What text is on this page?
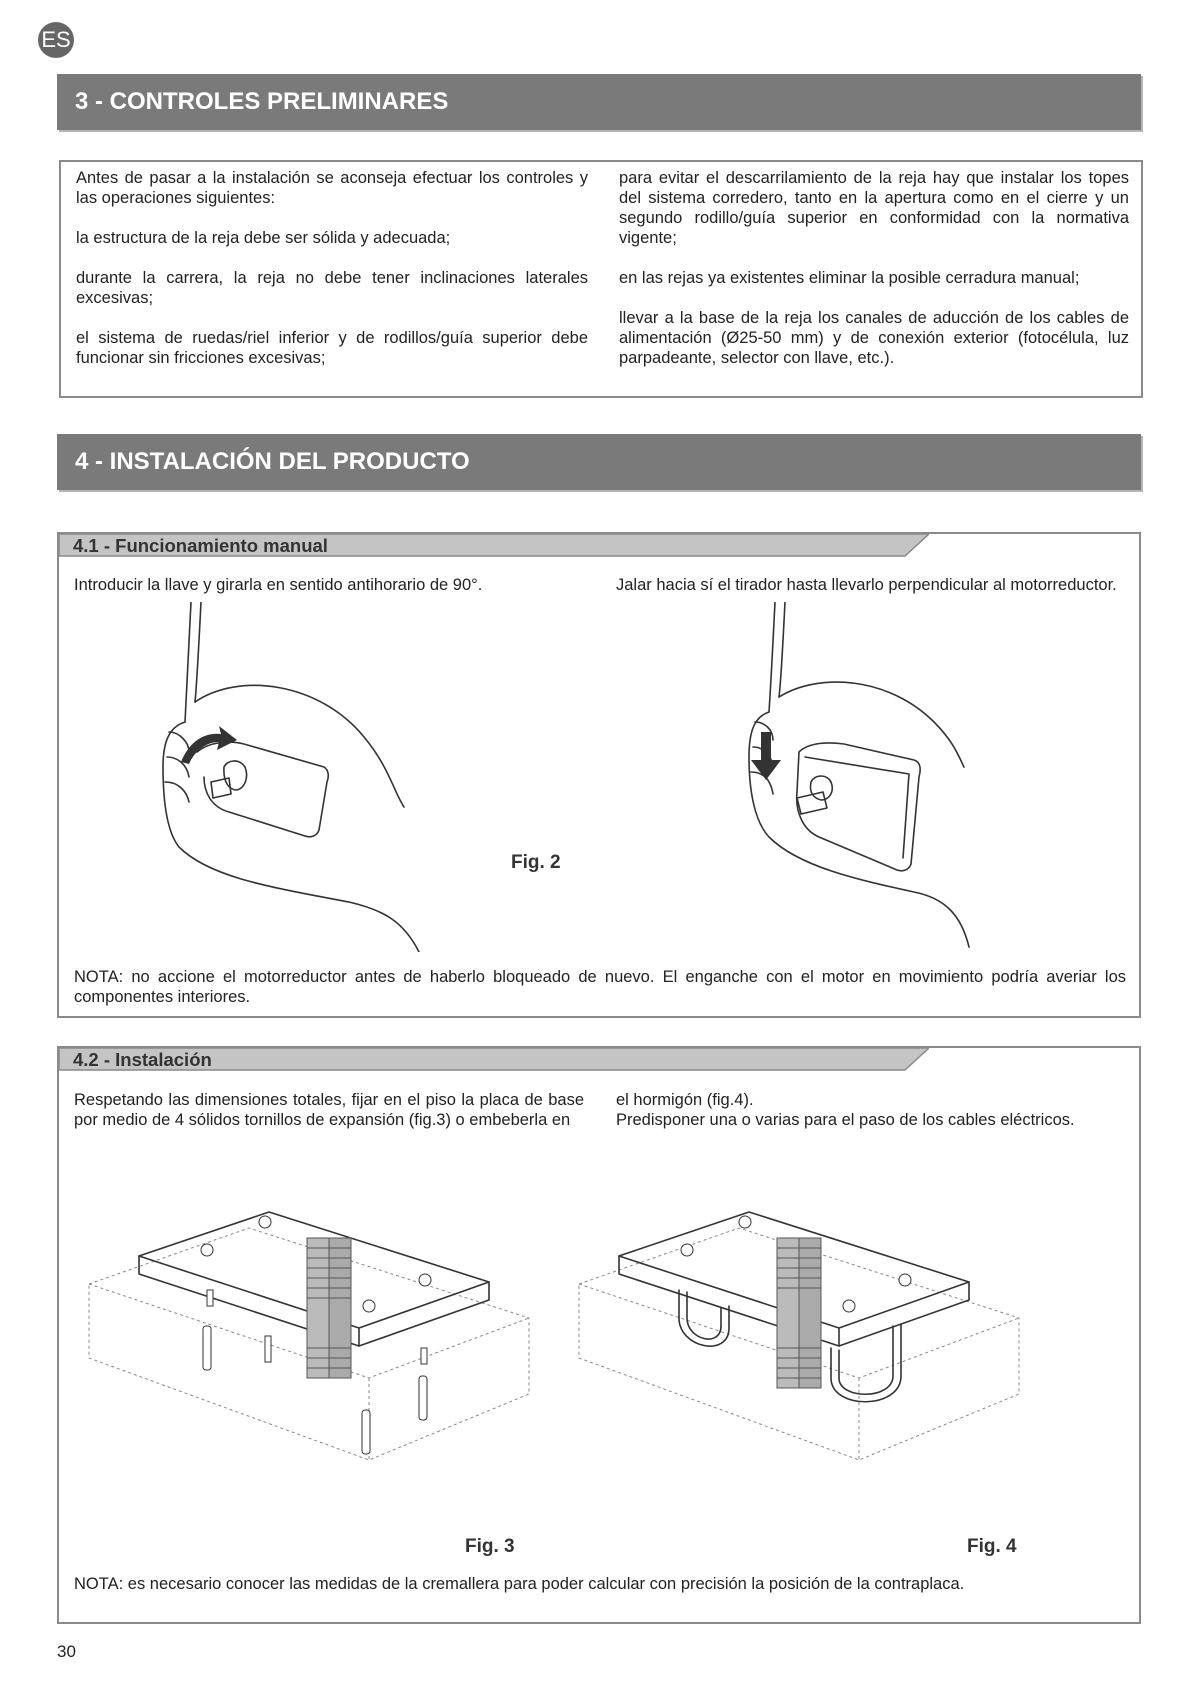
ES
3 - CONTROLES PRELIMINARES

Antes de pasar a la instalación se aconseja efectuar los controles y las operaciones siguientes:

la estructura de la reja debe ser sólida y adecuada;

durante la carrera, la reja no debe tener inclinaciones laterales excesivas;

el sistema de ruedas/riel inferior y de rodillos/guía superior debe funcionar sin fricciones excesivas;

para evitar el descarrilamiento de la reja hay que instalar los topes del sistema corredero, tanto en la apertura como en el cierre y un segundo rodillo/guía superior en conformidad con la normativa vigente;

en las rejas ya existentes eliminar la posible cerradura manual;

llevar a la base de la reja los canales de aducción de los cables de alimentación (Ø25-50 mm) y de conexión exterior (fotocélula, luz parpadeante, selector con llave, etc.).

4 - INSTALACIÓN DEL PRODUCTO
4.1 - Funcionamiento manual
Introducir la llave y girarla en sentido antihorario de 90°.	Jalar hacia sí el tirador hasta llevarlo perpendicular al motorreductor.
Fig. 2
NOTA: no accione el motorreductor antes de haberlo bloqueado de nuevo. El enganche con el motor en movimiento podría averiar los componentes interiores.
4.2 - Instalación
Respetando las dimensiones totales, fijar en el piso la placa de base por medio de 4 sólidos tornillos de expansión (fig.3) o embeberla en
el hormigón (fig.4).
Predisponer una o varias para el paso de los cables eléctricos.
Fig. 3	Fig. 4
NOTA: es necesario conocer las medidas de la cremallera para poder calcular con precisión la posición de la contraplaca.
30
